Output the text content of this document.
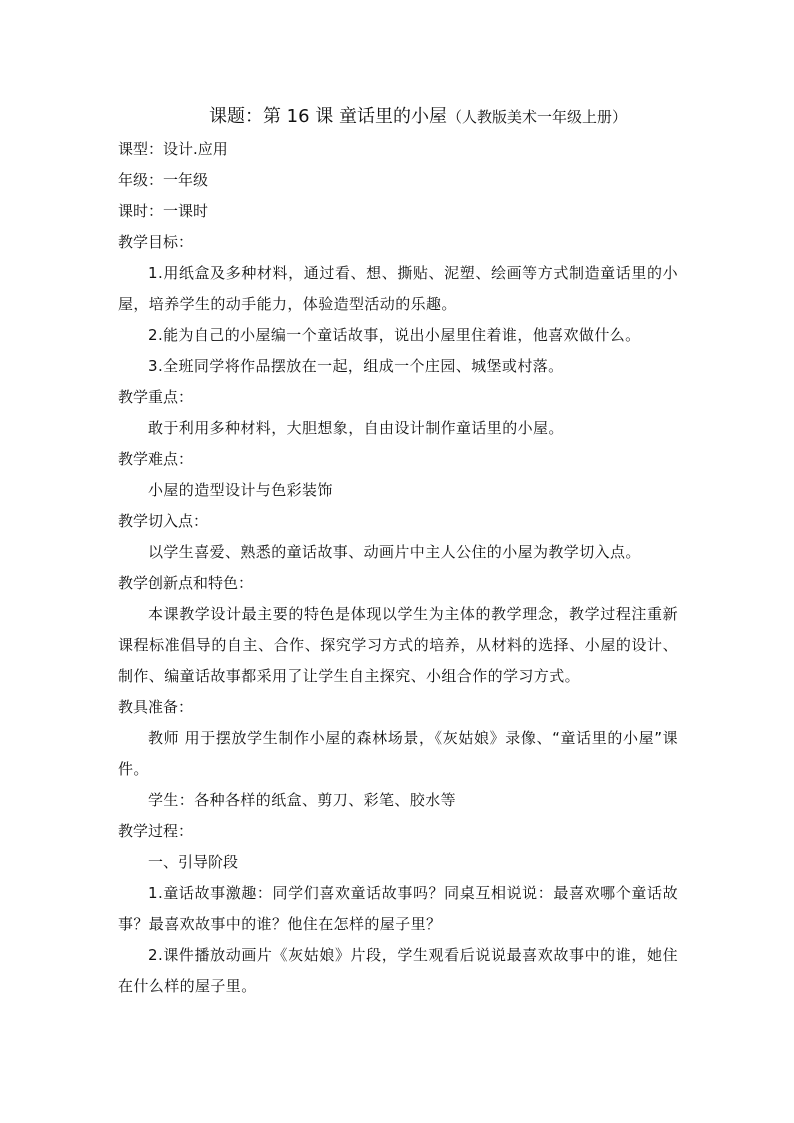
课题：第 16 课 童话里的小屋（人教版美术一年级上册）

课型：设计.应用

年级：一年级

课时：一课时

教学目标：

1.用纸盒及多种材料，通过看、想、撕贴、泥塑、绘画等方式制造童话里的小屋，培养学生的动手能力，体验造型活动的乐趣。

2.能为自己的小屋编一个童话故事，说出小屋里住着谁，他喜欢做什么。

3.全班同学将作品摆放在一起，组成一个庄园、城堡或村落。

教学重点：

敢于利用多种材料，大胆想象，自由设计制作童话里的小屋。

教学难点：

小屋的造型设计与色彩装饰

教学切入点：

以学生喜爱、熟悉的童话故事、动画片中主人公住的小屋为教学切入点。

教学创新点和特色：

本课教学设计最主要的特色是体现以学生为主体的教学理念，教学过程注重新课程标准倡导的自主、合作、探究学习方式的培养，从材料的选择、小屋的设计、制作、编童话故事都采用了让学生自主探究、小组合作的学习方式。

教具准备：

教师 用于摆放学生制作小屋的森林场景，《灰姑娘》录像、“童话里的小屋”课件。

学生：各种各样的纸盒、剪刀、彩笔、胶水等

教学过程：

一、引导阶段

1.童话故事激趣：同学们喜欢童话故事吗？同桌互相说说：最喜欢哪个童话故事？最喜欢故事中的谁？他住在怎样的屋子里？

2.课件播放动画片《灰姑娘》片段，学生观看后说说最喜欢故事中的谁，她住在什么样的屋子里。
